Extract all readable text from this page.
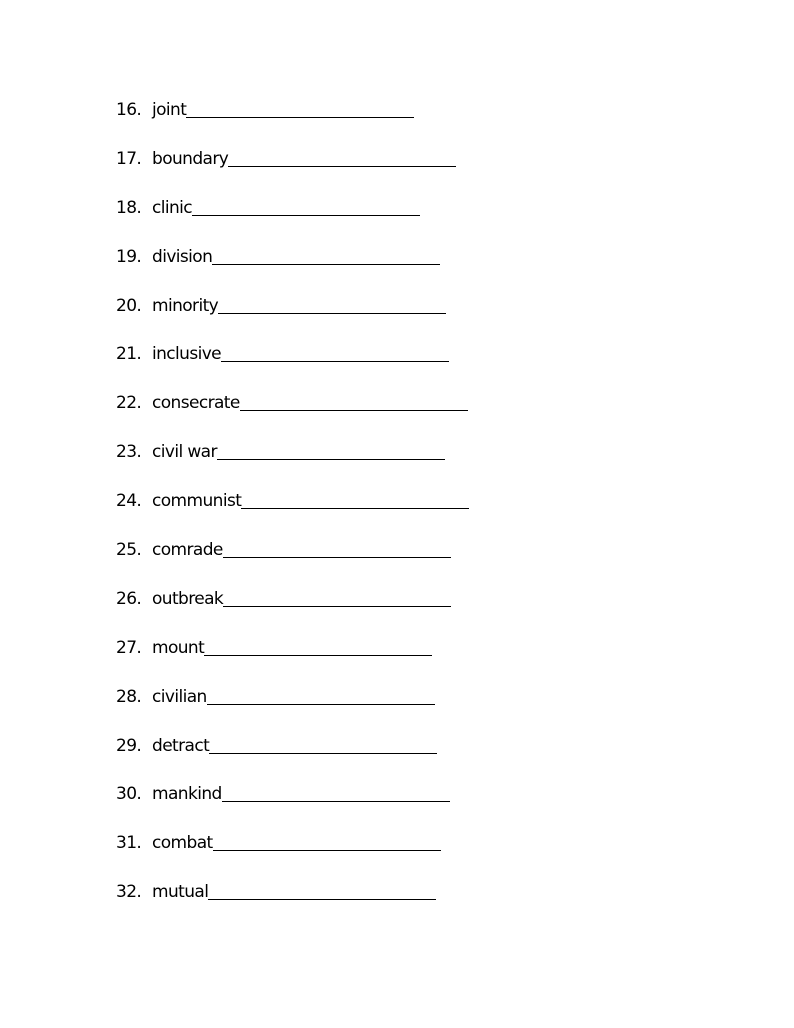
16. joint
17. boundary
18. clinic
19. division
20. minority
21. inclusive
22. consecrate
23. civil war
24. communist
25. comrade
26. outbreak
27. mount
28. civilian
29. detract
30. mankind
31. combat
32. mutual
